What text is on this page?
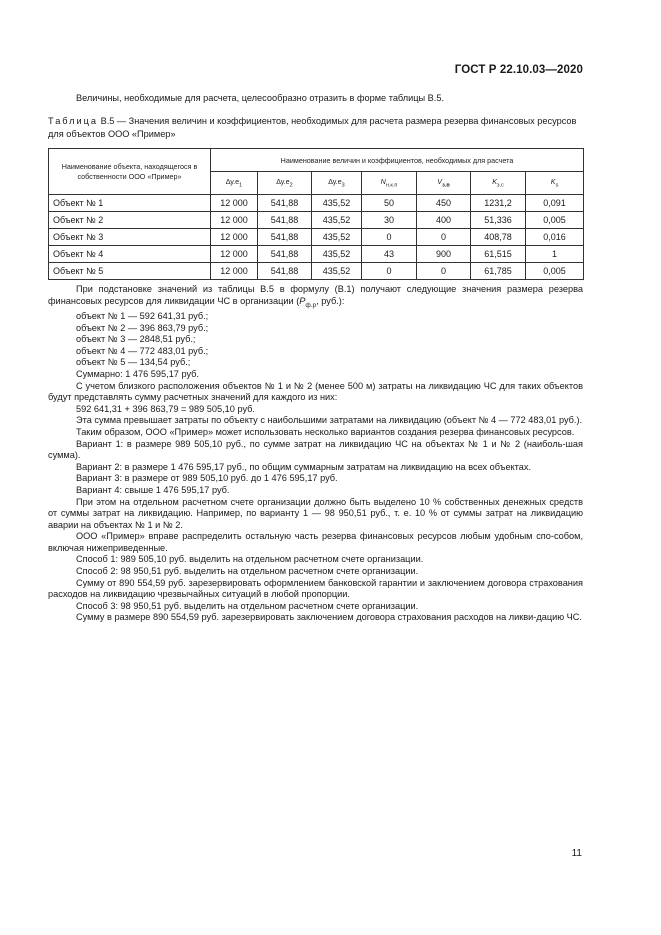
ГОСТ Р 22.10.03—2020
Величины, необходимые для расчета, целесообразно отразить в форме таблицы В.5.
Таблица В.5 — Значения величин и коэффициентов, необходимых для расчета размера резерва финансовых ресурсов для объектов ООО «Пример»
Наименование объекта, находящегося в собственности ООО «Пример»	Наименование величин и коэффициентов, необходимых для расчета						
	$\Delta у.е_1$	$\Delta у.е_2$	$\Delta у.е_3$	$N_{н.к.п}$	$V_{з.в}$	$K_{з.с}$	$K_s$
Объект № 1	12 000	541,88	435,52	50	450	1231,2	0,091
Объект № 2	12 000	541,88	435,52	30	400	51,336	0,005
Объект № 3	12 000	541,88	435,52	0	0	408,78	0,016
Объект № 4	12 000	541,88	435,52	43	900	61,515	1
Объект № 5	12 000	541,88	435,52	0	0	61,785	0,005

При подстановке значений из таблицы В.5 в формулу (В.1) получают следующие значения размера резерва финансовых ресурсов для ликвидации ЧС в организации ($P_{ф.р}$, руб.):

объект № 1 — 592 641,31 руб.;

объект № 2 — 396 863,79 руб.;

объект № 3 — 2848,51 руб.;

объект № 4 — 772 483,01 руб.;

объект № 5 — 134,54 руб.;

Суммарно: 1 476 595,17 руб.

С учетом близкого расположения объектов № 1 и № 2 (менее 500 м) затраты на ликвидацию ЧС для таких объектов будут представлять сумму расчетных значений для каждого из них:

592 641,31 + 396 863,79 = 989 505,10 руб.

Эта сумма превышает затраты по объекту с наибольшими затратами на ликвидацию (объект № 4 — 772 483,01 руб.).

Таким образом, ООО «Пример» может использовать несколько вариантов создания резерва финансовых ресурсов.

Вариант 1: в размере 989 505,10 руб., по сумме затрат на ликвидацию ЧС на объектах № 1 и № 2 (наиболь-шая сумма).

Вариант 2: в размере 1 476 595,17 руб., по общим суммарным затратам на ликвидацию на всех объектах.

Вариант 3: в размере от 989 505,10 руб. до 1 476 595,17 руб.

Вариант 4: свыше 1 476 595,17 руб.

При этом на отдельном расчетном счете организации должно быть выделено 10 % собственных денежных средств от суммы затрат на ликвидацию. Например, по варианту 1 — 98 950,51 руб., т. е. 10 % от суммы затрат на ликвидацию аварии на объектах № 1 и № 2.

ООО «Пример» вправе распределить остальную часть резерва финансовых ресурсов любым удобным спо-собом, включая нижеприведенные.

Способ 1: 989 505,10 руб. выделить на отдельном расчетном счете организации.

Способ 2: 98 950,51 руб. выделить на отдельном расчетном счете организации.

Сумму от 890 554,59 руб. зарезервировать оформлением банковской гарантии и заключением договора страхования расходов на ликвидацию чрезвычайных ситуаций в любой пропорции.

Способ 3: 98 950,51 руб. выделить на отдельном расчетном счете организации.

Сумму в размере 890 554,59 руб. зарезервировать заключением договора страхования расходов на ликви-дацию ЧС.

11
